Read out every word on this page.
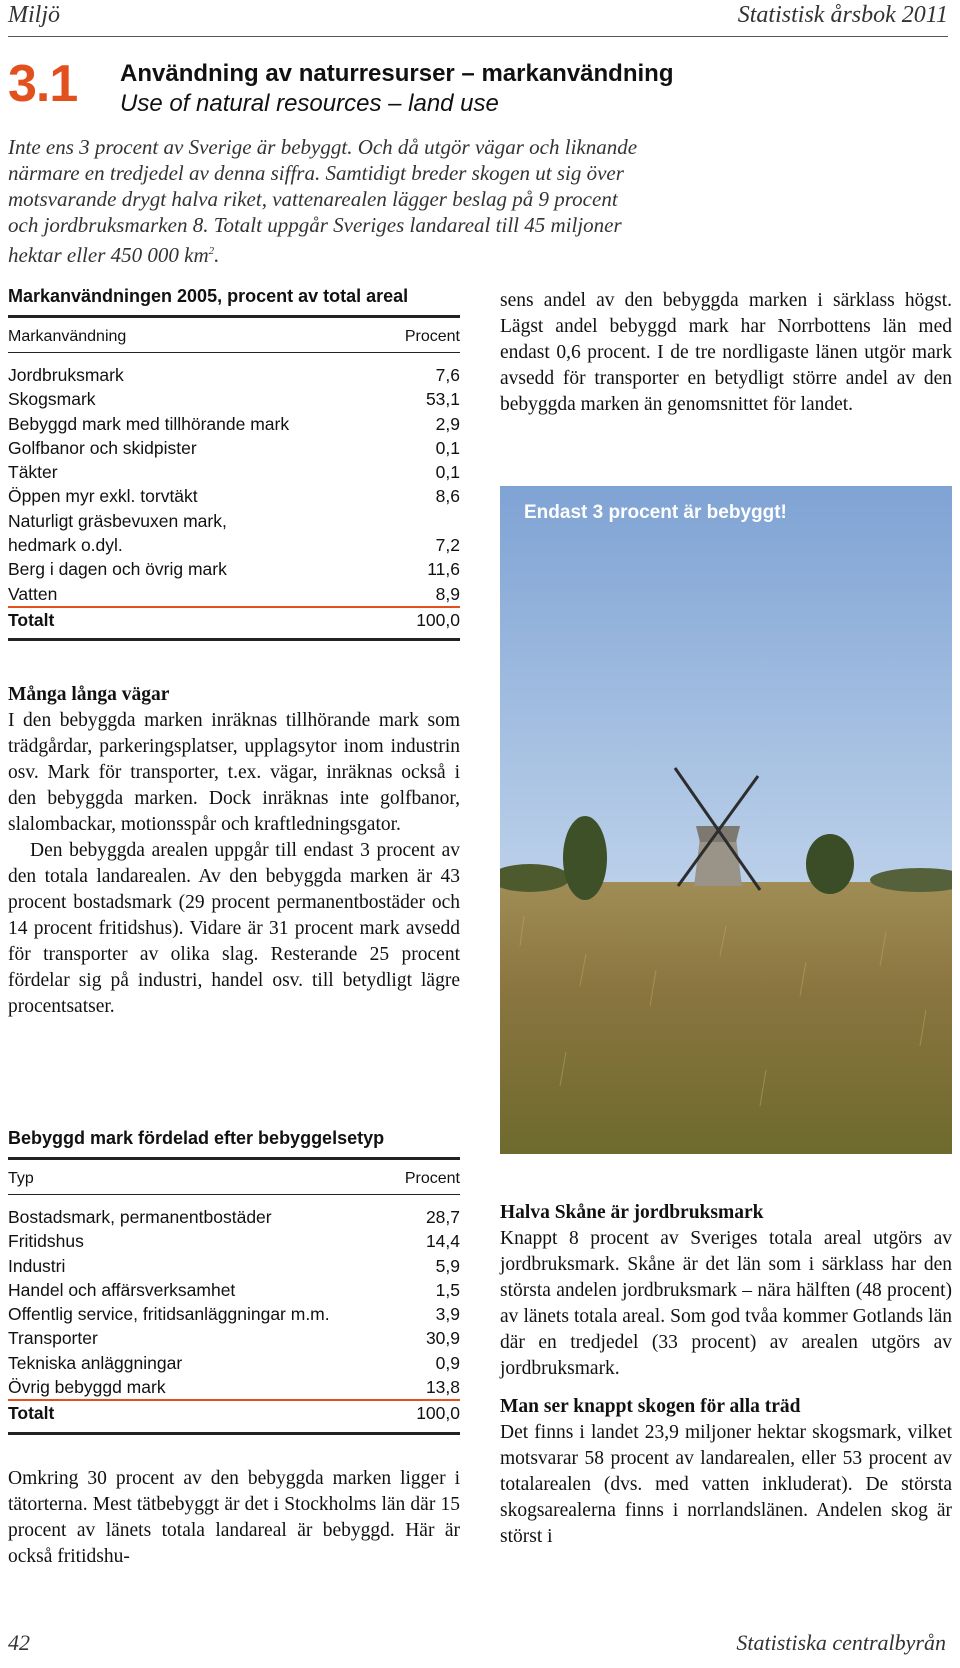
Miljö	Statistisk årsbok 2011
3.1 Användning av naturresurser – markanvändning
Use of natural resources – land use
Inte ens 3 procent av Sverige är bebyggt. Och då utgör vägar och liknande närmare en tredjedel av denna siffra. Samtidigt breder skogen ut sig över motsvarande drygt halva riket, vattenarealen lägger beslag på 9 procent och jordbruksmarken 8. Totalt uppgår Sveriges landareal till 45 miljoner hektar eller 450 000 $km^2$.
Markanvändningen 2005, procent av total areal
Markanvändning	Procent
Jordbruksmark	7,6
Skogsmark	53,1
Bebyggd mark med tillhörande mark	2,9
Golfbanor och skidpister	0,1
Täkter	0,1
Öppen myr exkl. torvtäkt	8,6
Naturligt gräsbevuxen mark,
hedmark o.dyl.	7,2
Berg i dagen och övrig mark	11,6
Vatten	8,9
Totalt	100,0
Många långa vägar

I den bebyggda marken inräknas tillhörande mark som trädgårdar, parkeringsplatser, upplagsytor inom industrin osv. Mark för transporter, t.ex. vägar, inräknas också i den bebyggda marken. Dock inräknas inte golfbanor, slalombackar, motionsspår och kraftledningsgator.

Den bebyggda arealen uppgår till endast 3 procent av den totala landarealen. Av den bebyggda marken är 43 procent bostadsmark (29 procent permanentbostäder och 14 procent fritidshus). Vidare är 31 procent mark avsedd för transporter av olika slag. Resterande 25 procent fördelar sig på industri, handel osv. till betydligt lägre procentsatser.

Bebyggd mark fördelad efter bebyggelsetyp
Typ	Procent
Bostadsmark, permanentbostäder	28,7
Fritidshus	14,4
Industri	5,9
Handel och affärsverksamhet	1,5
Offentlig service, fritidsanläggningar m.m.	3,9
Transporter	30,9
Tekniska anläggningar	0,9
Övrig bebyggd mark	13,8
Totalt	100,0

Omkring 30 procent av den bebyggda marken ligger i tätorterna. Mest tätbebyggt är det i Stockholms län där 15 procent av länets totala landareal är bebyggd. Här är också fritidshu-

sens andel av den bebyggda marken i särklass högst. Lägst andel bebyggd mark har Norrbottens län med endast 0,6 procent. I de tre nordligaste länen utgör mark avsedd för transporter en betydligt större andel av den bebyggda marken än genomsnittet för landet.

Endast 3 procent är bebyggt!
Halva Skåne är jordbruksmark

Knappt 8 procent av Sveriges totala areal utgörs av jordbruksmark. Skåne är det län som i särklass har den största andelen jordbruksmark – nära hälften (48 procent) av länets totala areal. Som god tvåa kommer Gotlands län där en tredjedel (33 procent) av arealen utgörs av jordbruksmark.

Man ser knappt skogen för alla träd

Det finns i landet 23,9 miljoner hektar skogsmark, vilket motsvarar 58 procent av landarealen, eller 53 procent av totalarealen (dvs. med vatten inkluderat). De största skogsarealerna finns i norrlandslänen. Andelen skog är störst i

42	Statistiska centralbyrån
